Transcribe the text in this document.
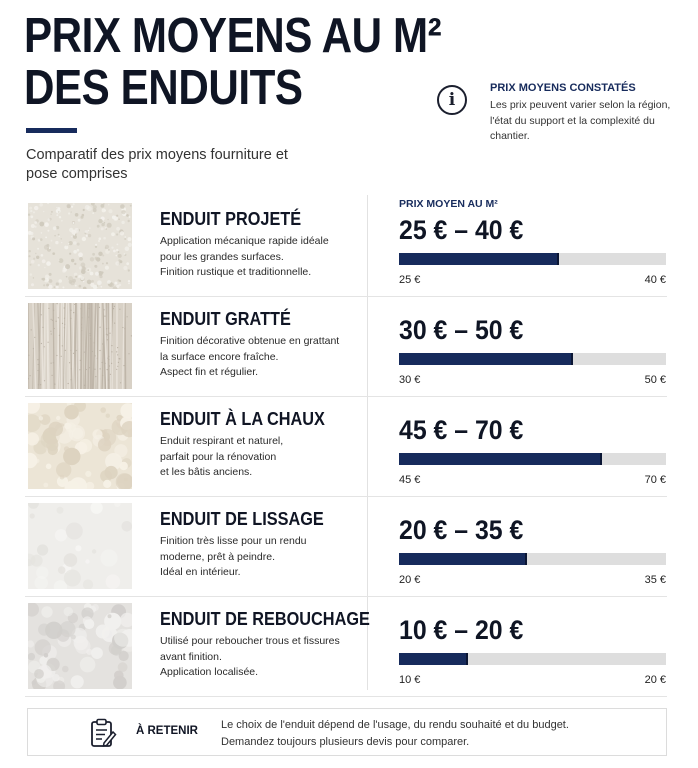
PRIX MOYENS AU M²
DES ENDUITS
Comparatif des prix moyens fourniture et pose comprises
i
PRIX MOYENS CONSTATÉS
Les prix peuvent varier selon la région, l'état du support et la complexité du chantier.
PRIX MOYEN AU M²
ENDUIT PROJETÉ
Application mécanique rapide idéale
pour les grandes surfaces.
Finition rustique et traditionnelle.
25 € – 40 €
25 €	40 €
ENDUIT GRATTÉ
Finition décorative obtenue en grattant
la surface encore fraîche.
Aspect fin et régulier.
30 € – 50 €
30 €	50 €
ENDUIT À LA CHAUX
Enduit respirant et naturel,
parfait pour la rénovation
et les bâtis anciens.
45 € – 70 €
45 €	70 €
ENDUIT DE LISSAGE
Finition très lisse pour un rendu
moderne, prêt à peindre.
Idéal en intérieur.
20 € – 35 €
20 €	35 €
ENDUIT DE REBOUCHAGE
Utilisé pour reboucher trous et fissures
avant finition.
Application localisée.
10 € – 20 €
10 €	20 €
À RETENIR Le choix de l'enduit dépend de l'usage, du rendu souhaité et du budget.
Demandez toujours plusieurs devis pour comparer.
